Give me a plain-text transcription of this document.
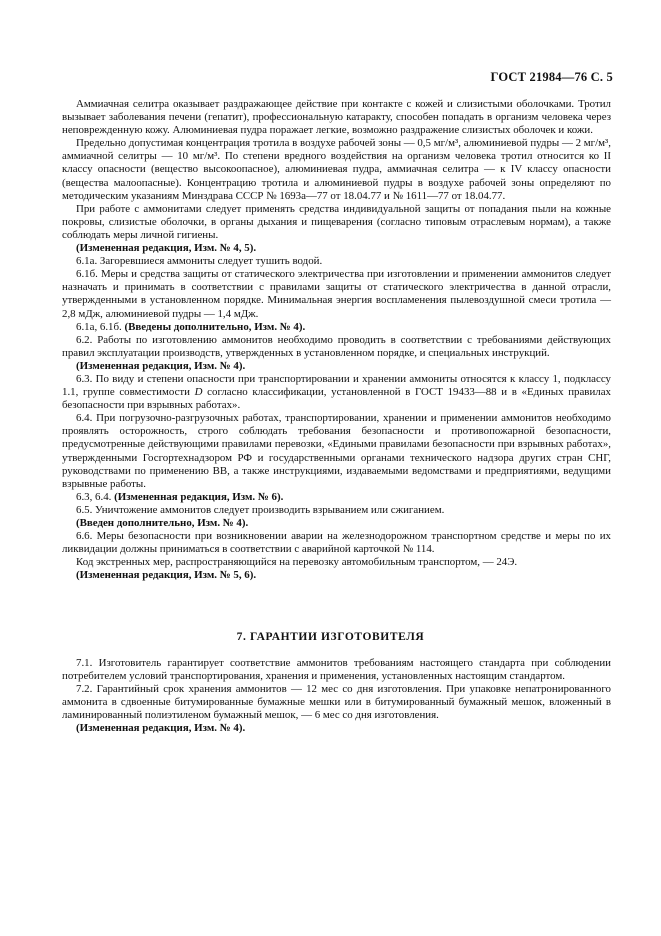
ГОСТ 21984—76 С. 5

Аммиачная селитра оказывает раздражающее действие при контакте с кожей и слизистыми оболочками. Тротил вызывает заболевания печени (гепатит), профессиональную катаракту, способен попадать в организм человека через неповрежденную кожу. Алюминиевая пудра поражает легкие, возможно раздражение слизистых оболочек и кожи.

Предельно допустимая концентрация тротила в воздухе рабочей зоны — 0,5 мг/м³, алюминиевой пудры — 2 мг/м³, аммиачной селитры — 10 мг/м³. По степени вредного воздействия на организм человека тротил относится ко II классу опасности (вещество высокоопасное), алюминиевая пудра, аммиачная селитра — к IV классу опасности (вещества малоопасные). Концентрацию тротила и алюминиевой пудры в воздухе рабочей зоны определяют по методическим указаниям Минздрава СССР № 1693а—77 от 18.04.77 и № 1611—77 от 18.04.77.

При работе с аммонитами следует применять средства индивидуальной защиты от попадания пыли на кожные покровы, слизистые оболочки, в органы дыхания и пищеварения (согласно типовым отраслевым нормам), а также соблюдать меры личной гигиены.

(Измененная редакция, Изм. № 4, 5).

6.1а. Загоревшиеся аммониты следует тушить водой.

6.1б. Меры и средства защиты от статического электричества при изготовлении и применении аммонитов следует назначать и принимать в соответствии с правилами защиты от статического электричества в данной отрасли, утвержденными в установленном порядке. Минимальная энергия воспламенения пылевоздушной смеси тротила — 2,8 мДж, алюминиевой пудры — 1,4 мДж.

6.1а, 6.1б. (Введены дополнительно, Изм. № 4).

6.2. Работы по изготовлению аммонитов необходимо проводить в соответствии с требованиями действующих правил эксплуатации производств, утвержденных в установленном порядке, и специальных инструкций.

(Измененная редакция, Изм. № 4).

6.3. По виду и степени опасности при транспортировании и хранении аммониты относятся к классу 1, подклассу 1.1, группе совместимости D согласно классификации, установленной в ГОСТ 19433—88 и в «Единых правилах безопасности при взрывных работах».

6.4. При погрузочно-разгрузочных работах, транспортировании, хранении и применении аммонитов необходимо проявлять осторожность, строго соблюдать требования безопасности и противопожарной безопасности, предусмотренные действующими правилами перевозки, «Едиными правилами безопасности при взрывных работах», утвержденными Госгортехнадзором РФ и государственными органами технического надзора других стран СНГ, руководствами по применению ВВ, а также инструкциями, издаваемыми ведомствами и предприятиями, ведущими взрывные работы.

6.3, 6.4. (Измененная редакция, Изм. № 6).

6.5. Уничтожение аммонитов следует производить взрыванием или сжиганием.

(Введен дополнительно, Изм. № 4).

6.6. Меры безопасности при возникновении аварии на железнодорожном транспортном средстве и меры по их ликвидации должны приниматься в соответствии с аварийной карточкой № 114.

Код экстренных мер, распространяющийся на перевозку автомобильным транспортом, — 24Э.

(Измененная редакция, Изм. № 5, 6).

7. ГАРАНТИИ ИЗГОТОВИТЕЛЯ

7.1. Изготовитель гарантирует соответствие аммонитов требованиям настоящего стандарта при соблюдении потребителем условий транспортирования, хранения и применения, установленных настоящим стандартом.

7.2. Гарантийный срок хранения аммонитов — 12 мес со дня изготовления. При упаковке непатронированного аммонита в сдвоенные битумированные бумажные мешки или в битумированный бумажный мешок, вложенный в ламинированный полиэтиленом бумажный мешок, — 6 мес со дня изготовления.

(Измененная редакция, Изм. № 4).
